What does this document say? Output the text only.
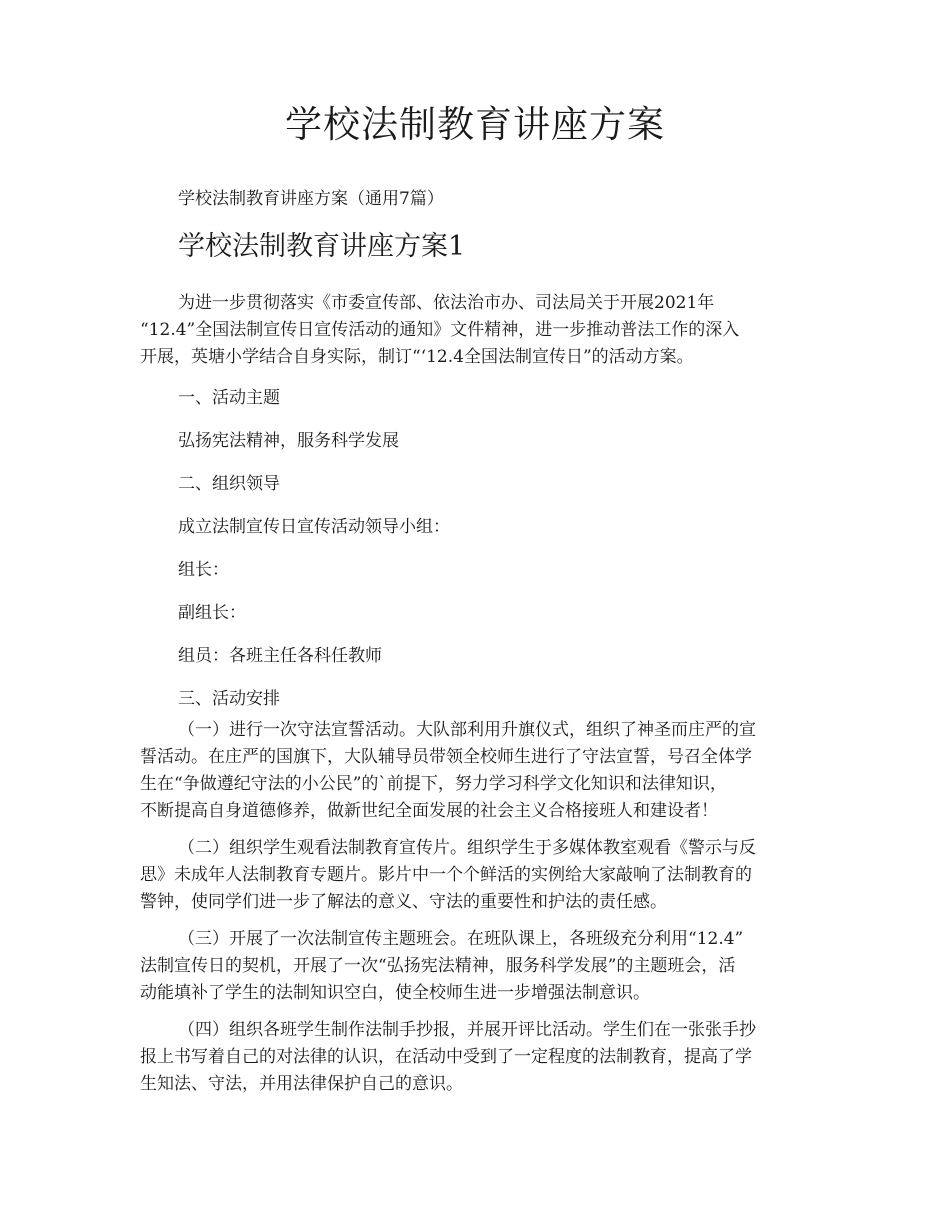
学校法制教育讲座方案
学校法制教育讲座方案（通用7篇）
学校法制教育讲座方案1
为进一步贯彻落实《市委宣传部、依法治市办、司法局关于开展2021年
“12.4”全国法制宣传日宣传活动的通知》文件精神，进一步推动普法工作的深入
开展，英塘小学结合自身实际，制订“‘12.4全国法制宣传日”的活动方案。
一、活动主题
弘扬宪法精神，服务科学发展
二、组织领导
成立法制宣传日宣传活动领导小组：
组长：
副组长：
组员：各班主任各科任教师
三、活动安排
（一）进行一次守法宣誓活动。大队部利用升旗仪式，组织了神圣而庄严的宣
誓活动。在庄严的国旗下，大队辅导员带领全校师生进行了守法宣誓，号召全体学
生在“争做遵纪守法的小公民”的`前提下，努力学习科学文化知识和法律知识，
不断提高自身道德修养，做新世纪全面发展的社会主义合格接班人和建设者！
（二）组织学生观看法制教育宣传片。组织学生于多媒体教室观看《警示与反
思》未成年人法制教育专题片。影片中一个个鲜活的实例给大家敲响了法制教育的
警钟，使同学们进一步了解法的意义、守法的重要性和护法的责任感。
（三）开展了一次法制宣传主题班会。在班队课上，各班级充分利用“12.4”
法制宣传日的契机，开展了一次“弘扬宪法精神，服务科学发展”的主题班会，活
动能填补了学生的法制知识空白，使全校师生进一步增强法制意识。
（四）组织各班学生制作法制手抄报，并展开评比活动。学生们在一张张手抄
报上书写着自己的对法律的认识，在活动中受到了一定程度的法制教育，提高了学
生知法、守法，并用法律保护自己的意识。
